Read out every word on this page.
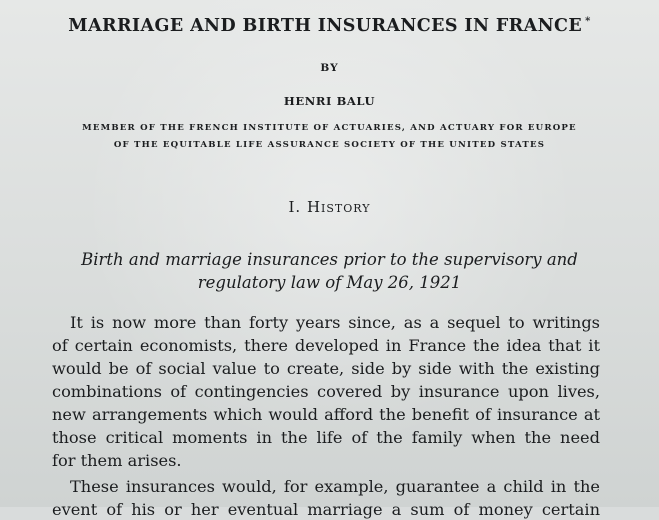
MARRIAGE AND BIRTH INSURANCES IN FRANCE *
BY
HENRI BALU
MEMBER OF THE FRENCH INSTITUTE OF ACTUARIES, AND ACTUARY FOR EUROPE
OF THE EQUITABLE LIFE ASSURANCE SOCIETY OF THE UNITED STATES
I. History
Birth and marriage insurances prior to the supervisory and
regulatory law of May 26, 1921
It is now more than forty years since, as a sequel to writings
of certain economists, there developed in France the idea that it
would be of social value to create, side by side with the existing
combinations of contingencies covered by insurance upon lives,
new arrangements which would afford the benefit of insurance at
those critical moments in the life of the family when the need
for them arises.
These insurances would, for example, guarantee a child in the
event of his or her eventual marriage a sum of money certain
